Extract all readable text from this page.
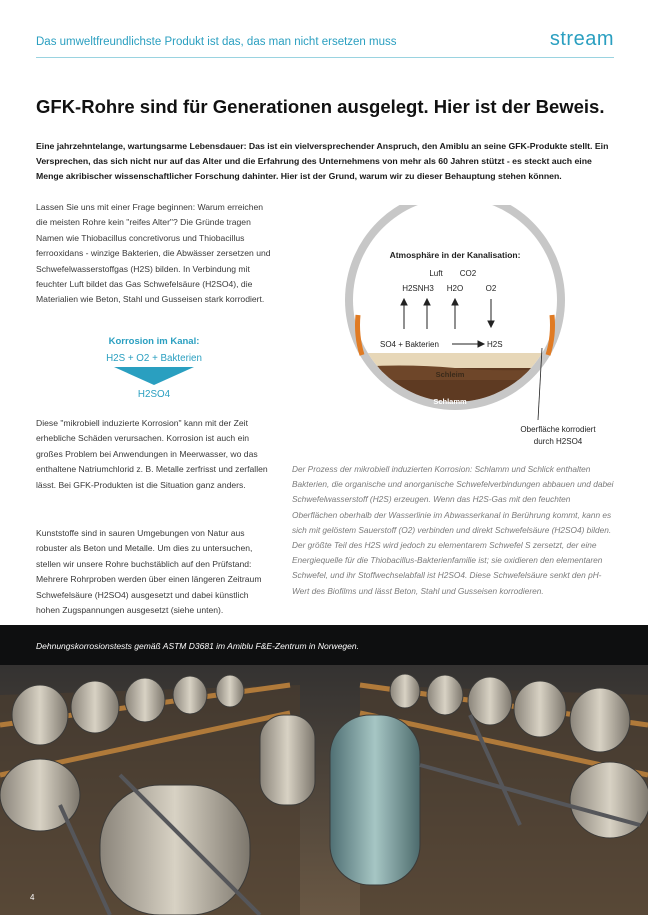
Das umweltfreundlichste Produkt ist das, das man nicht ersetzen muss	stream
GFK-Rohre sind für Generationen ausgelegt. Hier ist der Beweis.

Eine jahrzehntelange, wartungsarme Lebensdauer: Das ist ein vielversprechender Anspruch, den Amiblu an seine GFK-Produkte stellt. Ein Versprechen, das sich nicht nur auf das Alter und die Erfahrung des Unternehmens von mehr als 60 Jahren stützt - es steckt auch eine Menge akribischer wissenschaftlicher Forschung dahinter. Hier ist der Grund, warum wir zu dieser Behauptung stehen können.

Lassen Sie uns mit einer Frage beginnen: Warum erreichen die meisten Rohre kein "reifes Alter"? Die Gründe tragen Namen wie Thiobacillus concretivorus und Thiobacillus ferrooxidans - winzige Bakterien, die Abwässer zersetzen und Schwefelwasserstoffgas (H2S) bilden. In Verbindung mit feuchter Luft bildet das Gas Schwefelsäure (H2SO4), die Materialien wie Beton, Stahl und Gusseisen stark korrodiert.

Korrosion im Kanal:
H2S + O2 + Bakterien
H2SO4

Diese "mikrobiell induzierte Korrosion" kann mit der Zeit erhebliche Schäden verursachen. Korrosion ist auch ein großes Problem bei Anwendungen in Meerwasser, wo das enthaltene Natriumchlorid z. B. Metalle zerfrisst und zerfallen lässt. Bei GFK-Produkten ist die Situation ganz anders.

Kunststoffe sind in sauren Umgebungen von Natur aus robuster als Beton und Metalle. Um dies zu untersuchen, stellen wir unsere Rohre buchstäblich auf den Prüfstand: Mehrere Rohrproben werden über einen längeren Zeitraum Schwefelsäure (H2SO4) ausgesetzt und dabei künstlich hohen Zugspannungen ausgesetzt (siehe unten).

Atmosphäre in der Kanalisation:
Luft CO2
H2SNH3 H2O	O2
SO4 + Bakterien	H2S
Schleim
Schlamm
Oberfläche korrodiert
durch H2SO4

Der Prozess der mikrobiell induzierten Korrosion: Schlamm und Schlick enthalten Bakterien, die organische und anorganische Schwefelverbindungen abbauen und dabei Schwefelwasserstoff (H2S) erzeugen. Wenn das H2S-Gas mit den feuchten Oberflächen oberhalb der Wasserlinie im Abwasserkanal in Berührung kommt, kann es sich mit gelöstem Sauerstoff (O2) verbinden und direkt Schwefelsäure (H2SO4) bilden. Der größte Teil des H2S wird jedoch zu elementarem Schwefel S zersetzt, der eine Energiequelle für die Thiobacillus-Bakterienfamilie ist; sie oxidieren den elementaren Schwefel, und ihr Stoffwechselabfall ist H2SO4. Diese Schwefelsäure senkt den pH-Wert des Biofilms und lässt Beton, Stahl und Gusseisen korrodieren.

Dehnungskorrosionstests gemäß ASTM D3681 im Amiblu F&E-Zentrum in Norwegen.
4
